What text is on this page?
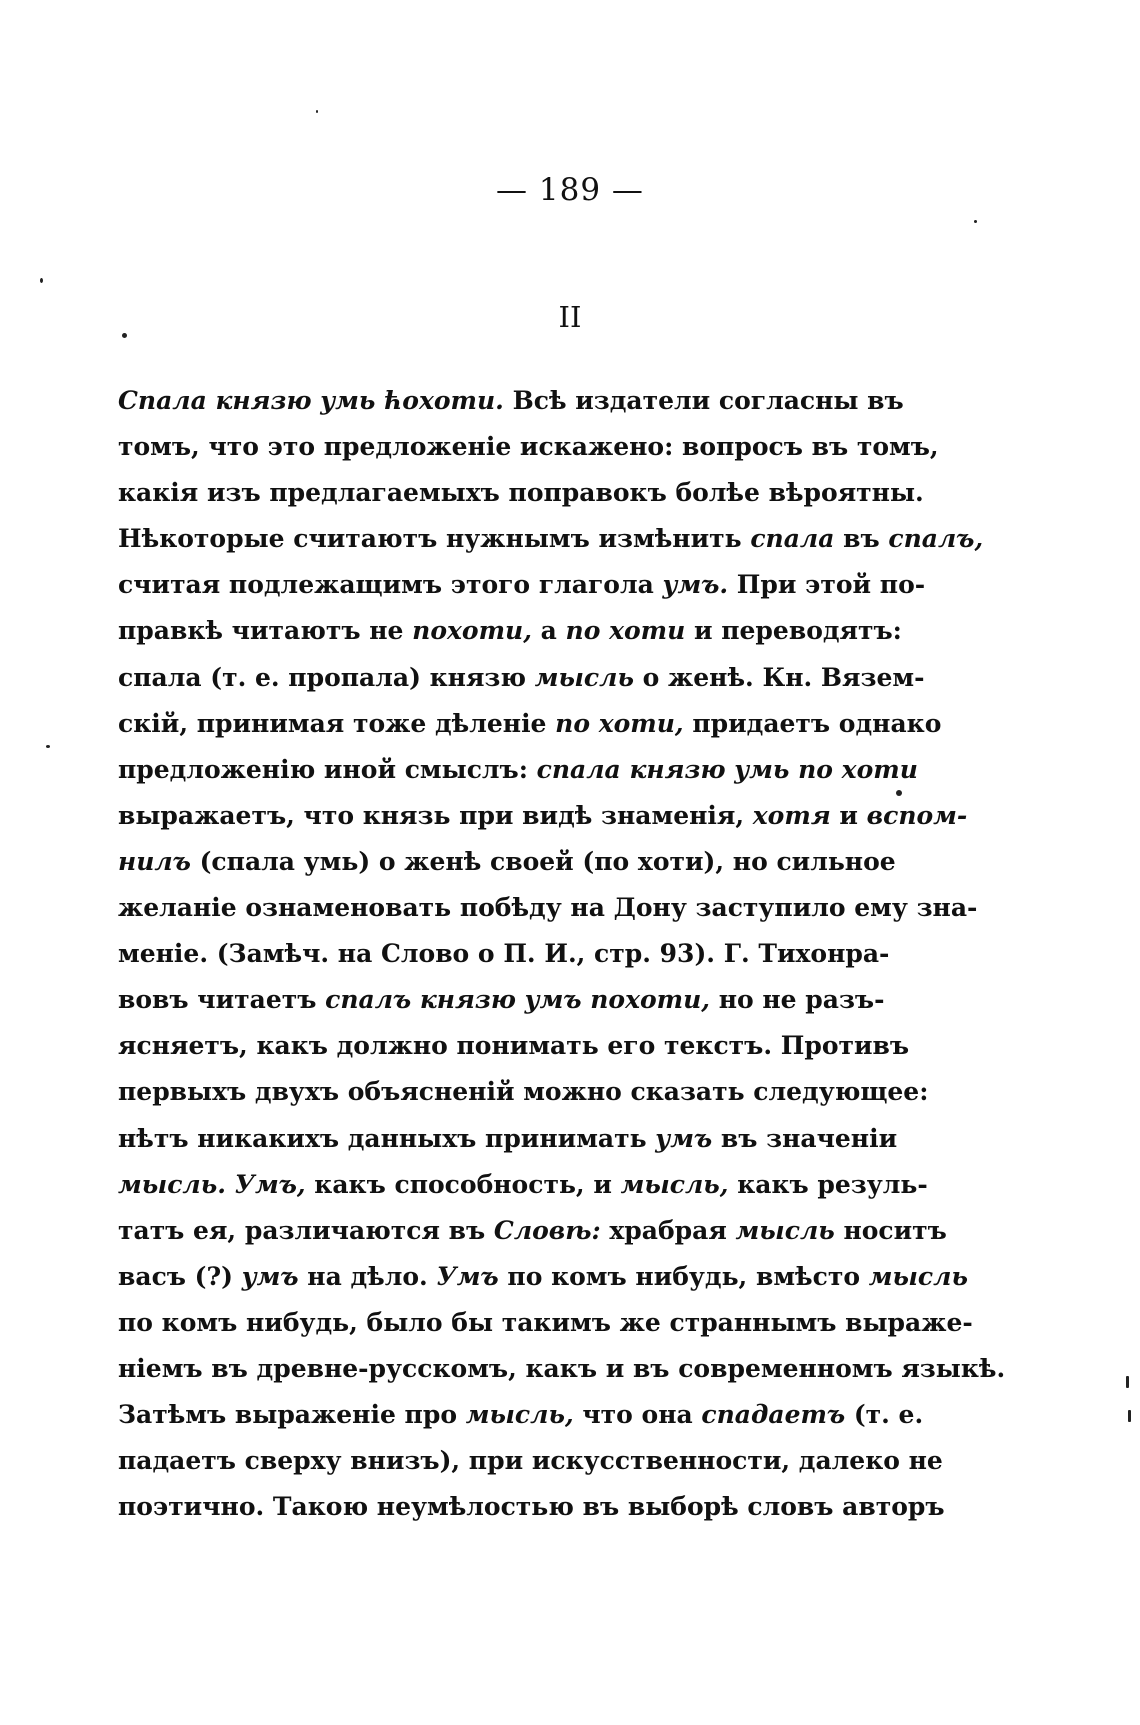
— 189 —
II
Спала князю умь ћохоти. Всѣ издатели согласны въ
томъ, что это предложеніе искажено: вопросъ въ томъ,
какія изъ предлагаемыхъ поправокъ болѣе вѣроятны.
Нѣкоторые считаютъ нужнымъ измѣнить спала въ спалъ,
считая подлежащимъ этого глагола умъ. При этой по-
правкѣ читаютъ не похоти, а по хоти и переводятъ:
спала (т. е. пропала) князю мысль о женѣ. Кн. Вязем-
скій, принимая тоже дѣленіе по хоти, придаетъ однако
предложенію иной смыслъ: спала князю умь по хоти
выражаетъ, что князь при видѣ знаменія, хотя и вспом-
нилъ (спала умь) о женѣ своей (по хоти), но сильное
желаніе ознаменовать побѣду на Дону заступило ему знa-
меніе. (Замѣч. на Слово о П. И., стр. 93). Г. Тихонра-
вовъ читаетъ спалъ князю умъ похоти, но не разъ-
ясняетъ, какъ должно понимать его текстъ. Противъ
первыхъ двухъ объясненій можно сказать следующее:
нѣтъ никакихъ данныхъ принимать умъ въ значеніи
мысль. Умъ, какъ способность, и мысль, какъ резуль-
татъ ея, различаются въ Словѣ: храбрая мысль носитъ
васъ (?) умъ на дѣло. Умъ по комъ нибудь, вмѣсто мысль
по комъ нибудь, было бы такимъ же страннымъ выраже-
ніемъ въ древне-русскомъ, какъ и въ современномъ языкѣ.
Затѣмъ выраженіе про мысль, что она спадаетъ (т. е.
падаетъ сверху внизъ), при искусственности, далеко не
поэтично. Такою неумѣлостью въ выборѣ словъ авторъ
